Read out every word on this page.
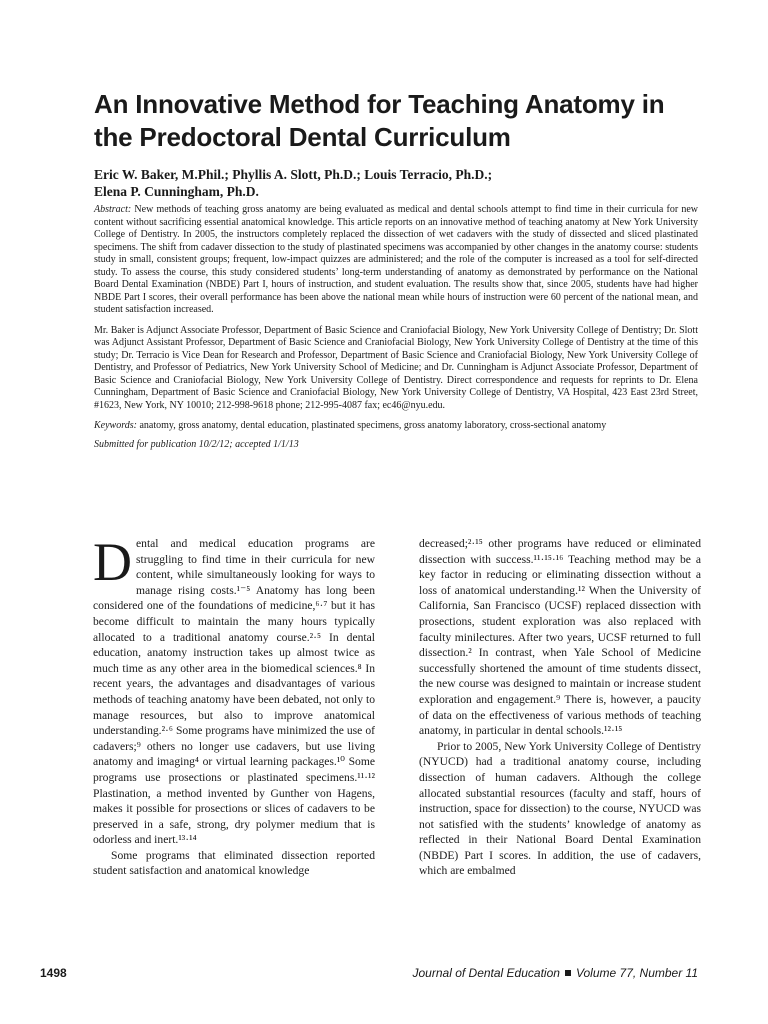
An Innovative Method for Teaching Anatomy in the Predoctoral Dental Curriculum
Eric W. Baker, M.Phil.; Phyllis A. Slott, Ph.D.; Louis Terracio, Ph.D.;
Elena P. Cunningham, Ph.D.

Abstract: New methods of teaching gross anatomy are being evaluated as medical and dental schools attempt to find time in their curricula for new content without sacrificing essential anatomical knowledge. This article reports on an innovative method of teaching anatomy at New York University College of Dentistry. In 2005, the instructors completely replaced the dissection of wet cadavers with the study of dissected and sliced plastinated specimens. The shift from cadaver dissection to the study of plastinated specimens was accompanied by other changes in the anatomy course: students study in small, consistent groups; frequent, low-impact quizzes are administered; and the role of the computer is increased as a tool for self-directed study. To assess the course, this study considered students’ long-term understanding of anatomy as demonstrated by performance on the National Board Dental Examination (NBDE) Part I, hours of instruction, and student evaluation. The results show that, since 2005, students have had higher NBDE Part I scores, their overall performance has been above the national mean while hours of instruction were 60 percent of the national mean, and student satisfaction increased.

Mr. Baker is Adjunct Associate Professor, Department of Basic Science and Craniofacial Biology, New York University College of Dentistry; Dr. Slott was Adjunct Assistant Professor, Department of Basic Science and Craniofacial Biology, New York University College of Dentistry at the time of this study; Dr. Terracio is Vice Dean for Research and Professor, Department of Basic Science and Craniofacial Biology, New York University College of Dentistry, and Professor of Pediatrics, New York University School of Medicine; and Dr. Cunningham is Adjunct Associate Professor, Department of Basic Science and Craniofacial Biology, New York University College of Dentistry. Direct correspondence and requests for reprints to Dr. Elena Cunningham, Department of Basic Science and Craniofacial Biology, New York University College of Dentistry, VA Hospital, 423 East 23rd Street, #1623, New York, NY 10010; 212-998-9618 phone; 212-995-4087 fax; ec46@nyu.edu.

Keywords: anatomy, gross anatomy, dental education, plastinated specimens, gross anatomy laboratory, cross-sectional anatomy

Submitted for publication 10/2/12; accepted 1/1/13

Dental and medical education programs are struggling to find time in their curricula for new content, while simultaneously looking for ways to manage rising costs.¹⁻⁵ Anatomy has long been considered one of the foundations of medicine,⁶·⁷ but it has become difficult to maintain the many hours typically allocated to a traditional anatomy course.²·⁵ In dental education, anatomy instruction takes up almost twice as much time as any other area in the biomedical sciences.⁸ In recent years, the advantages and disadvantages of various methods of teaching anatomy have been debated, not only to manage resources, but also to improve anatomical understanding.²·⁶ Some programs have minimized the use of cadavers;⁹ others no longer use cadavers, but use living anatomy and imaging⁴ or virtual learning packages.¹⁰ Some programs use prosections or plastinated specimens.¹¹·¹² Plastination, a method invented by Gunther von Hagens, makes it possible for prosections or slices of cadavers to be preserved in a safe, strong, dry polymer medium that is odorless and inert.¹³·¹⁴

Some programs that eliminated dissection reported student satisfaction and anatomical knowledge

decreased;²·¹⁵ other programs have reduced or eliminated dissection with success.¹¹·¹⁵·¹⁶ Teaching method may be a key factor in reducing or eliminating dissection without a loss of anatomical understanding.¹² When the University of California, San Francisco (UCSF) replaced dissection with prosections, student exploration was also replaced with faculty minilectures. After two years, UCSF returned to full dissection.² In contrast, when Yale School of Medicine successfully shortened the amount of time students dissect, the new course was designed to maintain or increase student exploration and engagement.⁹ There is, however, a paucity of data on the effectiveness of various methods of teaching anatomy, in particular in dental schools.¹²·¹⁵

Prior to 2005, New York University College of Dentistry (NYUCD) had a traditional anatomy course, including dissection of human cadavers. Although the college allocated substantial resources (faculty and staff, hours of instruction, space for dissection) to the course, NYUCD was not satisfied with the students’ knowledge of anatomy as reflected in their National Board Dental Examination (NBDE) Part I scores. In addition, the use of cadavers, which are embalmed

1498	Journal of Dental Education Volume 77, Number 11
